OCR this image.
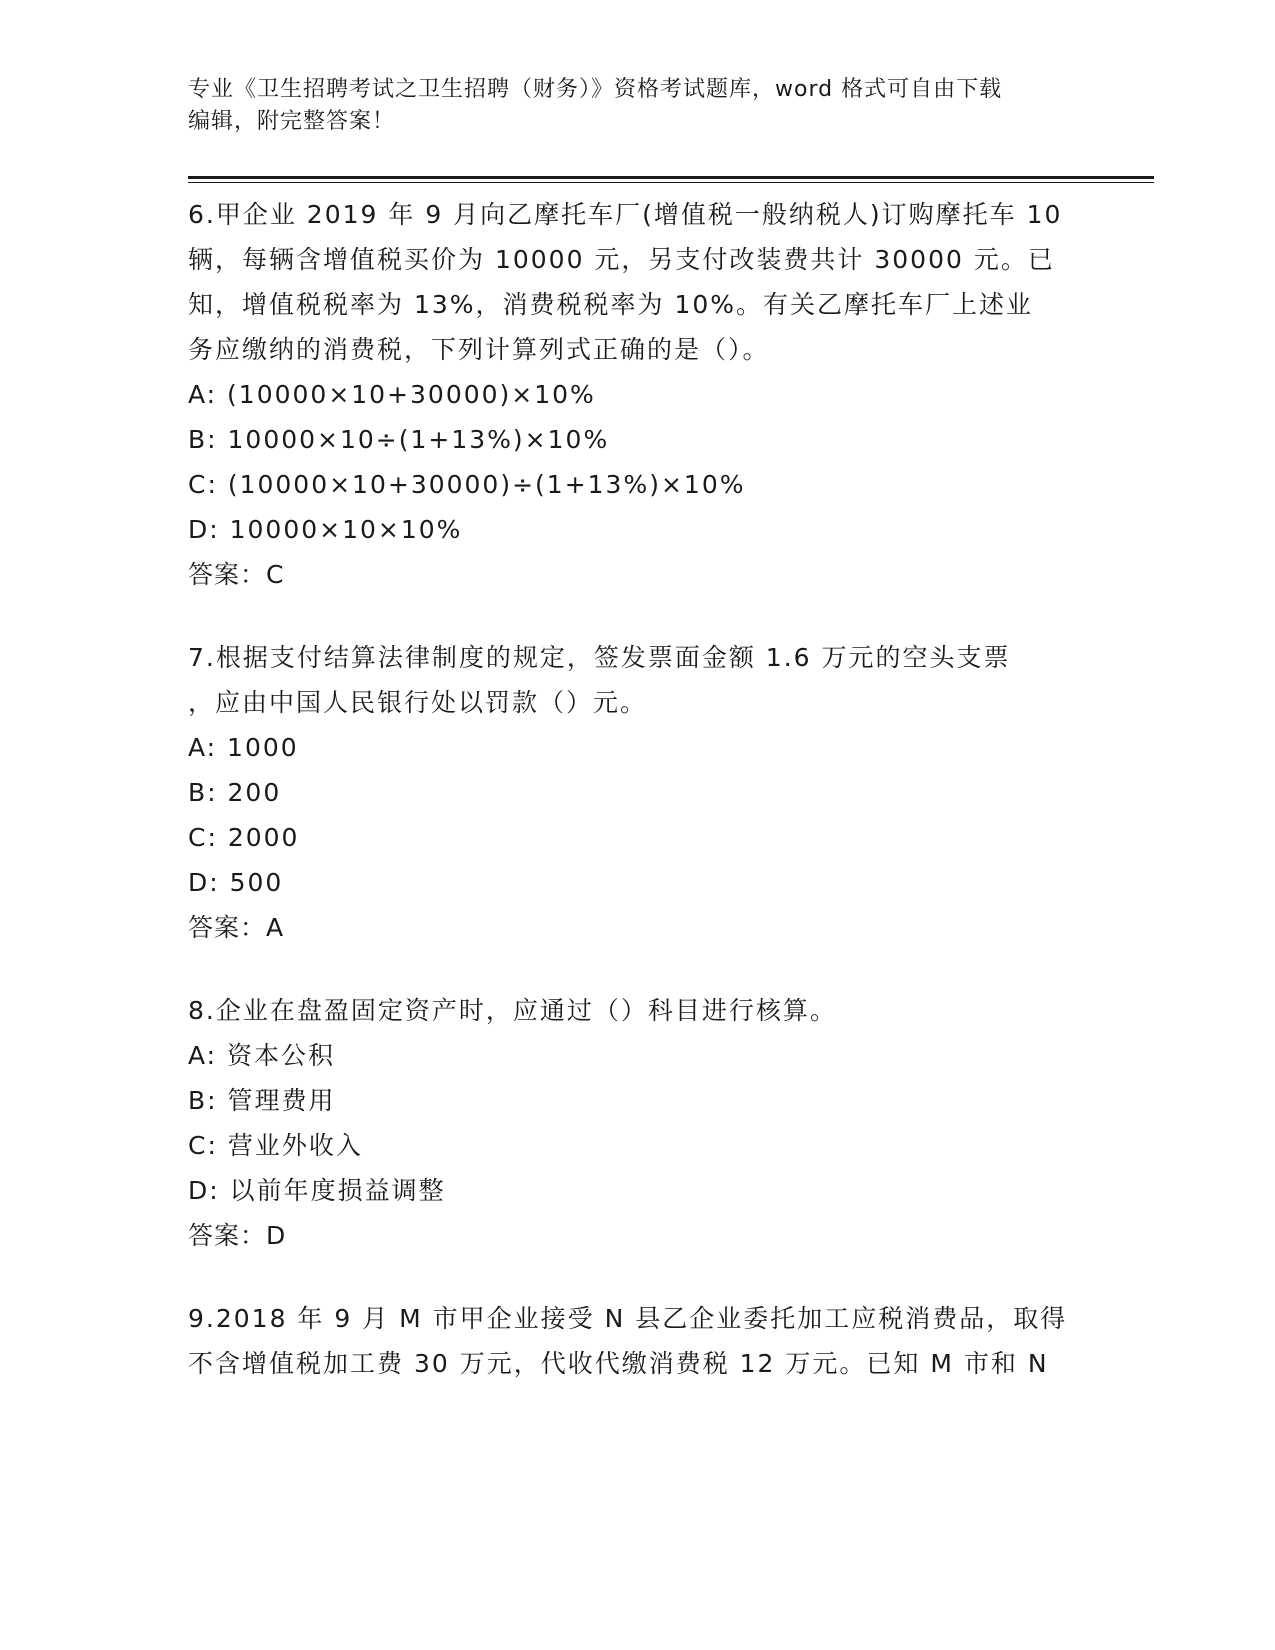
专业《卫生招聘考试之卫生招聘（财务）》资格考试题库，word 格式可自由下载
编辑，附完整答案！
6.甲企业 2019 年 9 月向乙摩托车厂(增值税一般纳税人)订购摩托车 10
辆，每辆含增值税买价为 10000 元，另支付改装费共计 30000 元。已
知，增值税税率为 13%，消费税税率为 10%。有关乙摩托车厂上述业
务应缴纳的消费税，下列计算列式正确的是（）。
A: (10000×10+30000)×10%
B: 10000×10÷(1+13%)×10%
C: (10000×10+30000)÷(1+13%)×10%
D: 10000×10×10%
答案：C
7.根据支付结算法律制度的规定，签发票面金额 1.6 万元的空头支票
，应由中国人民银行处以罚款（）元。
A: 1000
B: 200
C: 2000
D: 500
答案：A
8.企业在盘盈固定资产时，应通过（）科目进行核算。
A: 资本公积
B: 管理费用
C: 营业外收入
D: 以前年度损益调整
答案：D
9.2018 年 9 月 M 市甲企业接受 N 县乙企业委托加工应税消费品，取得
不含增值税加工费 30 万元，代收代缴消费税 12 万元。已知 M 市和 N
